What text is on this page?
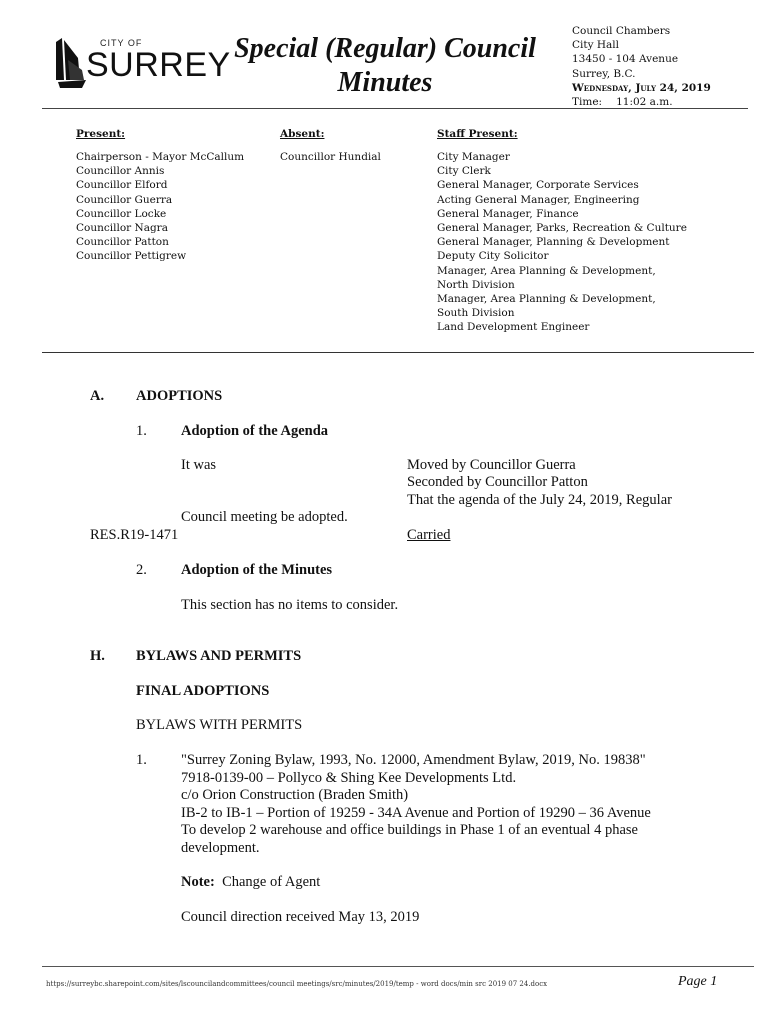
CITY OF
SURREY Special (Regular) Council
Minutes
Council Chambers
City Hall
13450 - 104 Avenue
Surrey, B.C.
Wednesday, July 24, 2019
Time: 11:02 a.m.
Present:
Chairperson - Mayor McCallum
Councillor Annis
Councillor Elford
Councillor Guerra
Councillor Locke
Councillor Nagra
Councillor Patton
Councillor Pettigrew
Absent:
Councillor Hundial
Staff Present:
City Manager
City Clerk
General Manager, Corporate Services
Acting General Manager, Engineering
General Manager, Finance
General Manager, Parks, Recreation & Culture
General Manager, Planning & Development
Deputy City Solicitor
Manager, Area Planning & Development,
North Division
Manager, Area Planning & Development,
South Division
Land Development Engineer
A. ADOPTIONS
1. Adoption of the Agenda
It was	Moved by Councillor Guerra
Seconded by Councillor Patton
That the agenda of the July 24, 2019, Regular
Council meeting be adopted.
RES.R19-1471	Carried
2. Adoption of the Minutes
This section has no items to consider.
H. BYLAWS AND PERMITS
FINAL ADOPTIONS
BYLAWS WITH PERMITS
1. "Surrey Zoning Bylaw, 1993, No. 12000, Amendment Bylaw, 2019, No. 19838"
7918-0139-00 – Pollyco & Shing Kee Developments Ltd.
c/o Orion Construction (Braden Smith)
IB-2 to IB-1 – Portion of 19259 - 34A Avenue and Portion of 19290 – 36 Avenue
To develop 2 warehouse and office buildings in Phase 1 of an eventual 4 phase
development.
Note: Change of Agent
Council direction received May 13, 2019
https://surreybc.sharepoint.com/sites/lscouncilandcommittees/council meetings/src/minutes/2019/temp - word docs/min src 2019 07 24.docx	Page 1
